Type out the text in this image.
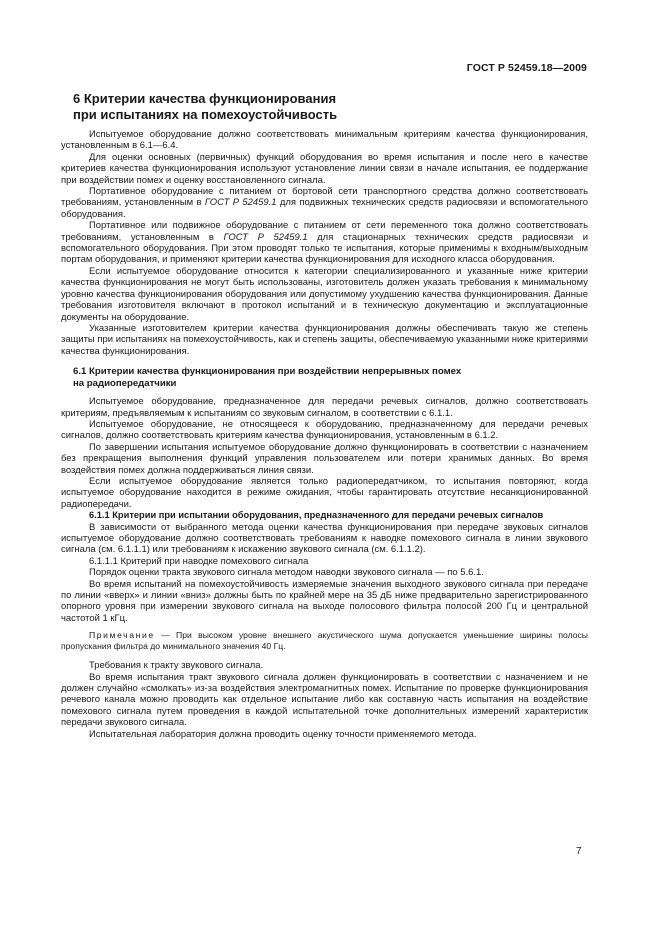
ГОСТ Р 52459.18—2009
6 Критерии качества функционирования
при испытаниях на помехоустойчивость

Испытуемое оборудование должно соответствовать минимальным критериям качества функционирования, установленным в 6.1—6.4.

Для оценки основных (первичных) функций оборудования во время испытания и после него в качестве критериев качества функционирования используют установление линии связи в начале испытания, ее поддержание при воздействии помех и оценку восстановленного сигнала.

Портативное оборудование с питанием от бортовой сети транспортного средства должно соответствовать требованиям, установленным в ГОСТ Р 52459.1 для подвижных технических средств радиосвязи и вспомогательного оборудования.

Портативное или подвижное оборудование с питанием от сети переменного тока должно соответствовать требованиям, установленным в ГОСТ Р 52459.1 для стационарных технических средств радиосвязи и вспомогательного оборудования. При этом проводят только те испытания, которые применимы к входным/выходным портам оборудования, и применяют критерии качества функционирования для исходного класса оборудования.

Если испытуемое оборудование относится к категории специализированного и указанные ниже критерии качества функционирования не могут быть использованы, изготовитель должен указать требования к минимальному уровню качества функционирования оборудования или допустимому ухудшению качества функционирования. Данные требования изготовителя включают в протокол испытаний и в техническую документацию и эксплуатационные документы на оборудование.

Указанные изготовителем критерии качества функционирования должны обеспечивать такую же степень защиты при испытаниях на помехоустойчивость, как и степень защиты, обеспечиваемую указанными ниже критериями качества функционирования.

6.1 Критерии качества функционирования при воздействии непрерывных помех
на радиопередатчики

Испытуемое оборудование, предназначенное для передачи речевых сигналов, должно соответствовать критериям, предъявляемым к испытаниям со звуковым сигналом, в соответствии с 6.1.1.

Испытуемое оборудование, не относящееся к оборудованию, предназначенному для передачи речевых сигналов, должно соответствовать критериям качества функционирования, установленным в 6.1.2.

По завершении испытания испытуемое оборудование должно функционировать в соответствии с назначением без прекращения выполнения функций управления пользователем или потери хранимых данных. Во время воздействия помех должна поддерживаться линия связи.

Если испытуемое оборудование является только радиопередатчиком, то испытания повторяют, когда испытуемое оборудование находится в режиме ожидания, чтобы гарантировать отсутствие несанкционированной радиопередачи.

6.1.1 Критерии при испытании оборудования, предназначенного для передачи речевых сигналов

В зависимости от выбранного метода оценки качества функционирования при передаче звуковых сигналов испытуемое оборудование должно соответствовать требованиям к наводке помехового сигнала в линии звукового сигнала (см. 6.1.1.1) или требованиям к искажению звукового сигнала (см. 6.1.1.2).

6.1.1.1 Критерий при наводке помехового сигнала

Порядок оценки тракта звукового сигнала методом наводки звукового сигнала — по 5.6.1.

Во время испытаний на помехоустойчивость измеряемые значения выходного звукового сигнала при передаче по линии «вверх» и линии «вниз» должны быть по крайней мере на 35 дБ ниже предварительно зарегистрированного опорного уровня при измерении звукового сигнала на выходе полосового фильтра полосой 200 Гц и центральной частотой 1 кГц.

Примечание — При высоком уровне внешнего акустического шума допускается уменьшение ширины полосы пропускания фильтра до минимального значения 40 Гц.

Требования к тракту звукового сигнала.

Во время испытания тракт звукового сигнала должен функционировать в соответствии с назначением и не должен случайно «смолкать» из-за воздействия электромагнитных помех. Испытание по проверке функционирования речевого канала можно проводить как отдельное испытание либо как составную часть испытания на воздействие помехового сигнала путем проведения в каждой испытательной точке дополнительных измерений характеристик передачи звукового сигнала.

Испытательная лаборатория должна проводить оценку точности применяемого метода.

7
